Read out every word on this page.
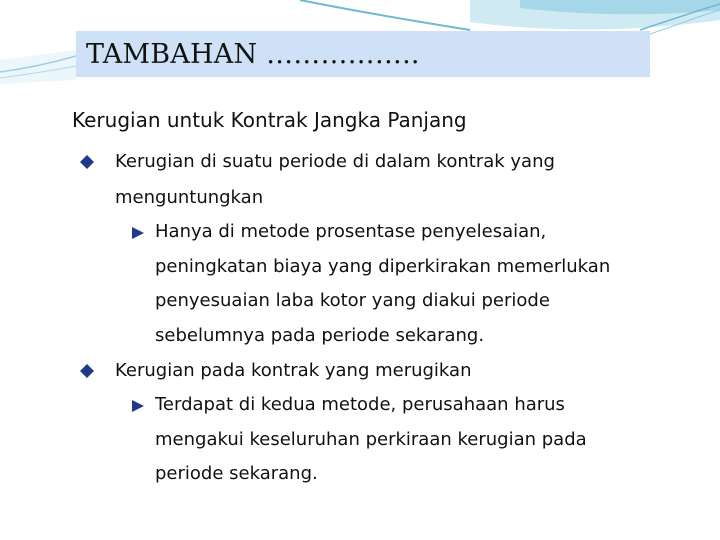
TAMBAHAN ……………..
Kerugian untuk Kontrak Jangka Panjang
Kerugian di suatu periode di dalam kontrak yang
menguntungkan
Hanya di metode prosentase penyelesaian,
peningkatan biaya yang diperkirakan memerlukan
penyesuaian laba kotor yang diakui periode
sebelumnya pada periode sekarang.
Kerugian pada kontrak yang merugikan
Terdapat di kedua metode, perusahaan harus
mengakui keseluruhan perkiraan kerugian pada
periode sekarang.
